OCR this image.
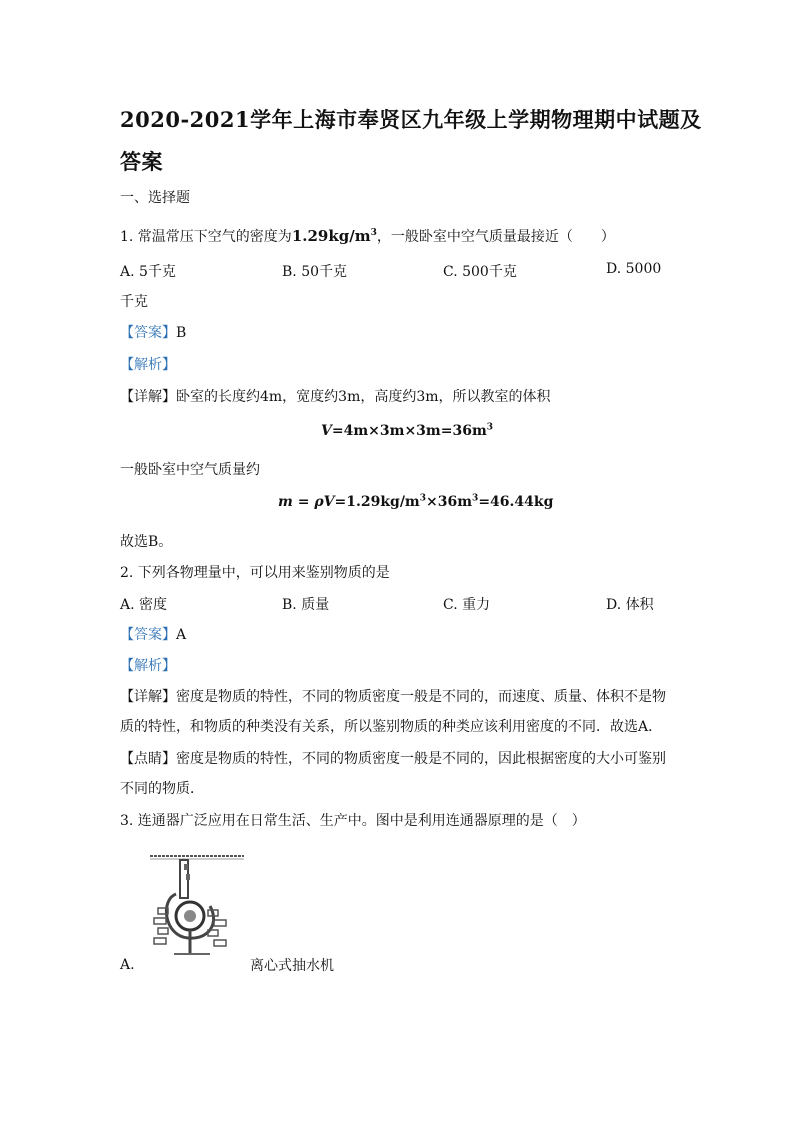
2020-2021学年上海市奉贤区九年级上学期物理期中试题及
答案
一、选择题
1. 常温常压下空气的密度为$1.29kg/m^3$，一般卧室中空气质量最接近（　　）
A. 5千克	B. 50千克	C. 500千克	D. 5000
千克
【答案】B
【解析】
【详解】卧室的长度约4m，宽度约3m，高度约3m，所以教室的体积
$V=4m\times 3m\times 3m=36m^3$
一般卧室中空气质量约
$m = \rho V=1.29kg/m^3\times 36m^3=46.44kg$
故选B。
2. 下列各物理量中，可以用来鉴别物质的是
A. 密度	B. 质量	C. 重力	D. 体积
【答案】A
【解析】
【详解】密度是物质的特性，不同的物质密度一般是不同的，而速度、质量、体积不是物
质的特性，和物质的种类没有关系，所以鉴别物质的种类应该利用密度的不同．故选A．
【点睛】密度是物质的特性，不同的物质密度一般是不同的，因此根据密度的大小可鉴别
不同的物质．
3. 连通器广泛应用在日常生活、生产中。图中是利用连通器原理的是（　）
A.	离心式抽水机
